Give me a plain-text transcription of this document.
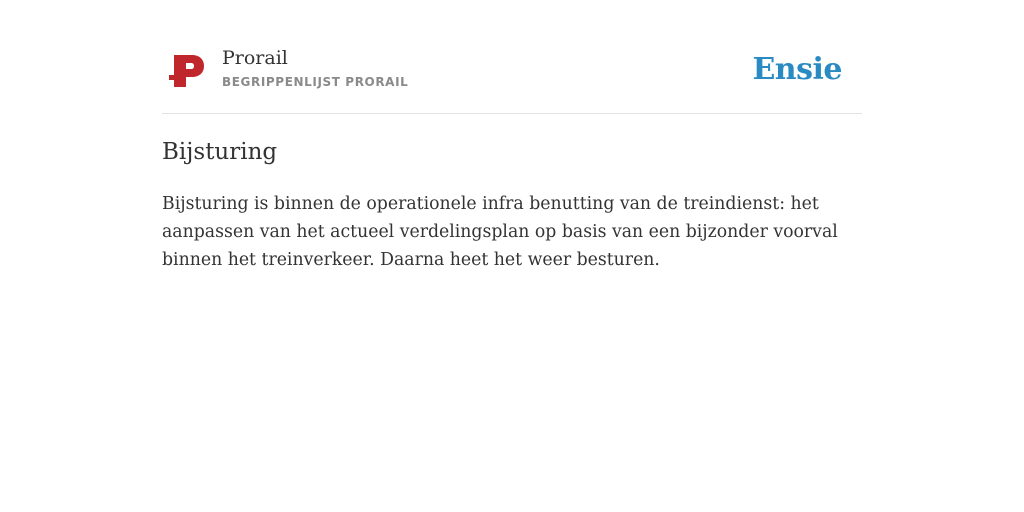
Prorail
BEGRIPPENLIJST PRORAIL	Ensie
Bijsturing

Bijsturing is binnen de operationele infra benutting van de treindienst: het aanpassen van het actueel verdelingsplan op basis van een bijzonder voorval binnen het treinverkeer. Daarna heet het weer besturen.
